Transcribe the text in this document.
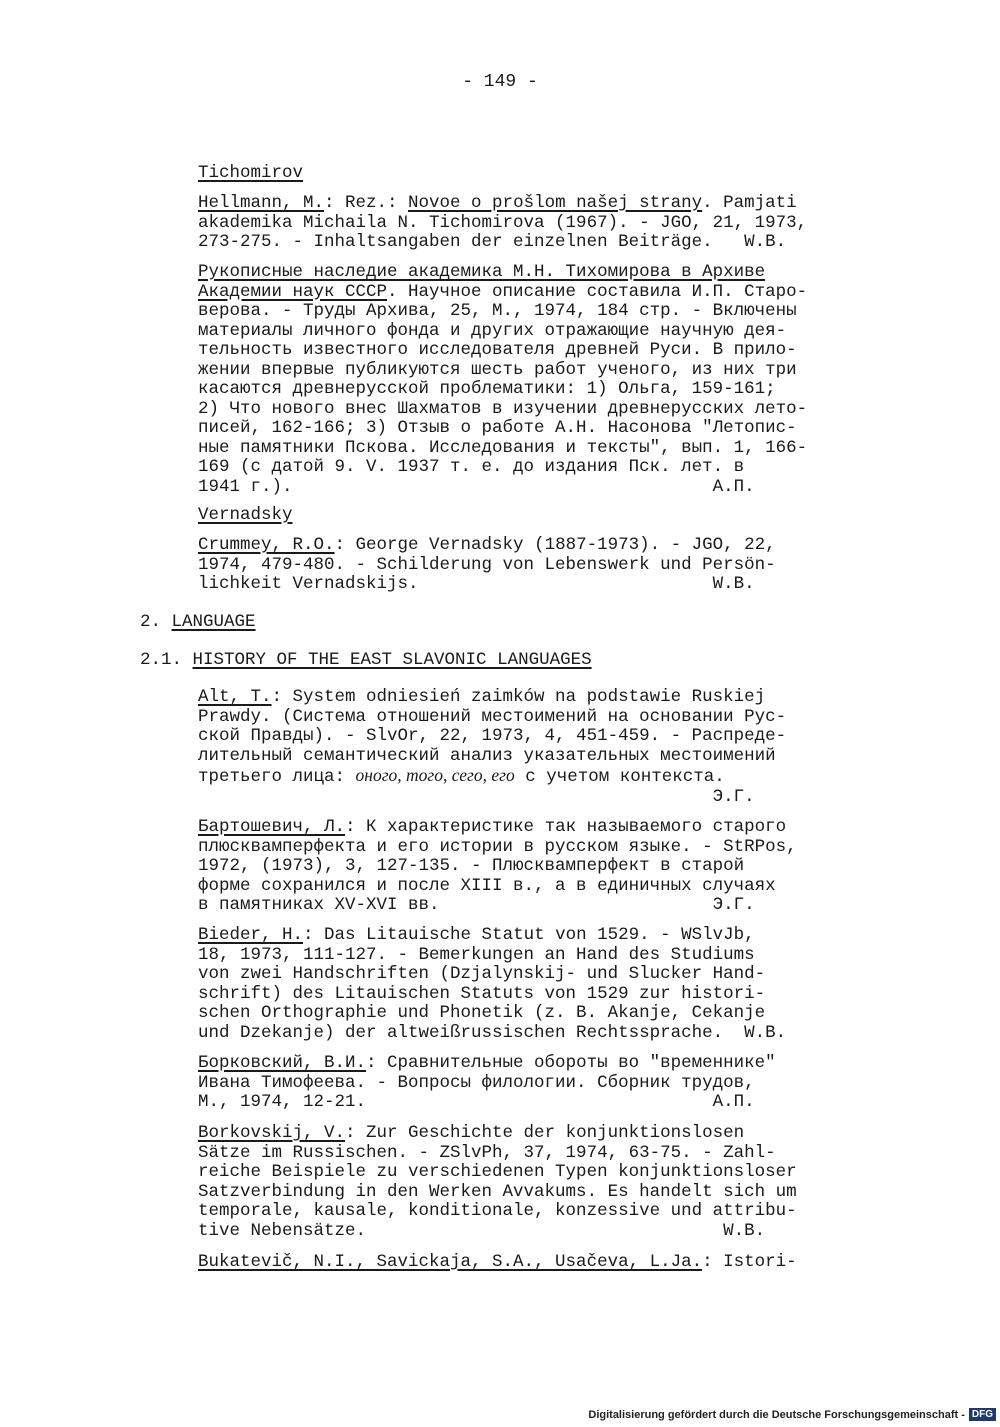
- 149 -
Tichomirov
Hellmann, M.: Rez.: Novoe o prošlom našej strany. Pamjati
akademika Michaila N. Tichomirova (1967). - JGO, 21, 1973,
273-275. - Inhaltsangaben der einzelnen Beiträge.   W.B.
Рукописные наследие академика М.Н. Тихомирова в Архиве
Академии наук СССР. Научное описание составила И.П. Старо-
верова. - Труды Архива, 25, М., 1974, 184 стр. - Включены
материалы личного фонда и других отражающие научную дея-
тельность известного исследователя древней Руси. В прило-
жении впервые публикуются шесть работ ученого, из них три
касаются древнерусской проблематики: 1) Ольга, 159-161;
2) Что нового внес Шахматов в изучении древнерусских лето-
писей, 162-166; 3) Отзыв о работе А.Н. Насонова "Летопис-
ные памятники Пскова. Исследования и тексты", вып. 1, 166-
169 (с датой 9. V. 1937 т. е. до издания Пск. лет. в
1941 г.).                                        А.П.
Vernadsky
Crummey, R.O.: George Vernadsky (1887-1973). - JGO, 22,
1974, 479-480. - Schilderung von Lebenswerk und Persön-
lichkeit Vernadskijs.                            W.B.
2. LANGUAGE
2.1. HISTORY OF THE EAST SLAVONIC LANGUAGES
Alt, T.: System odniesień zaimków na podstawie Ruskiej
Prawdy. (Система отношений местоимений на основании Рус-
ской Правды). - SlvOr, 22, 1973, 4, 451-459. - Распреде-
лительный семантический анализ указательных местоимений
третьего лица: оного, того, сего, его с учетом контекста.
Э.Г.
Бартошевич, Л.: К характеристике так называемого старого
плюсквамперфекта и его истории в русском языке. - StRPos,
1972, (1973), 3, 127-135. - Плюсквамперфект в старой
форме сохранился и после XIII в., а в единичных случаях
в памятниках XV-XVI вв.                          Э.Г.
Bieder, H.: Das Litauische Statut von 1529. - WSlvJb,
18, 1973, 111-127. - Bemerkungen an Hand des Studiums
von zwei Handschriften (Dzjalynskij- und Slucker Hand-
schrift) des Litauischen Statuts von 1529 zur histori-
schen Orthographie und Phonetik (z. B. Akanje, Cekanje
und Dzekanje) der altweißrussischen Rechtssprache.  W.B.
Борковский, В.И.: Сравнительные обороты во "временнике"
Ивана Тимофеева. - Вопросы филологии. Сборник трудов,
М., 1974, 12-21.                                 А.П.
Borkovskij, V.: Zur Geschichte der konjunktionslosen
Sätze im Russischen. - ZSlvPh, 37, 1974, 63-75. - Zahl-
reiche Beispiele zu verschiedenen Typen konjunktionsloser
Satzverbindung in den Werken Avvakums. Es handelt sich um
temporale, kausale, konditionale, konzessive und attribu-
tive Nebensätze.                                  W.B.
Bukatevič, N.I., Savickaja, S.A., Usačeva, L.Ja.: Istori-
Digitalisierung gefördert durch die Deutsche Forschungsgemeinschaft - DFG
